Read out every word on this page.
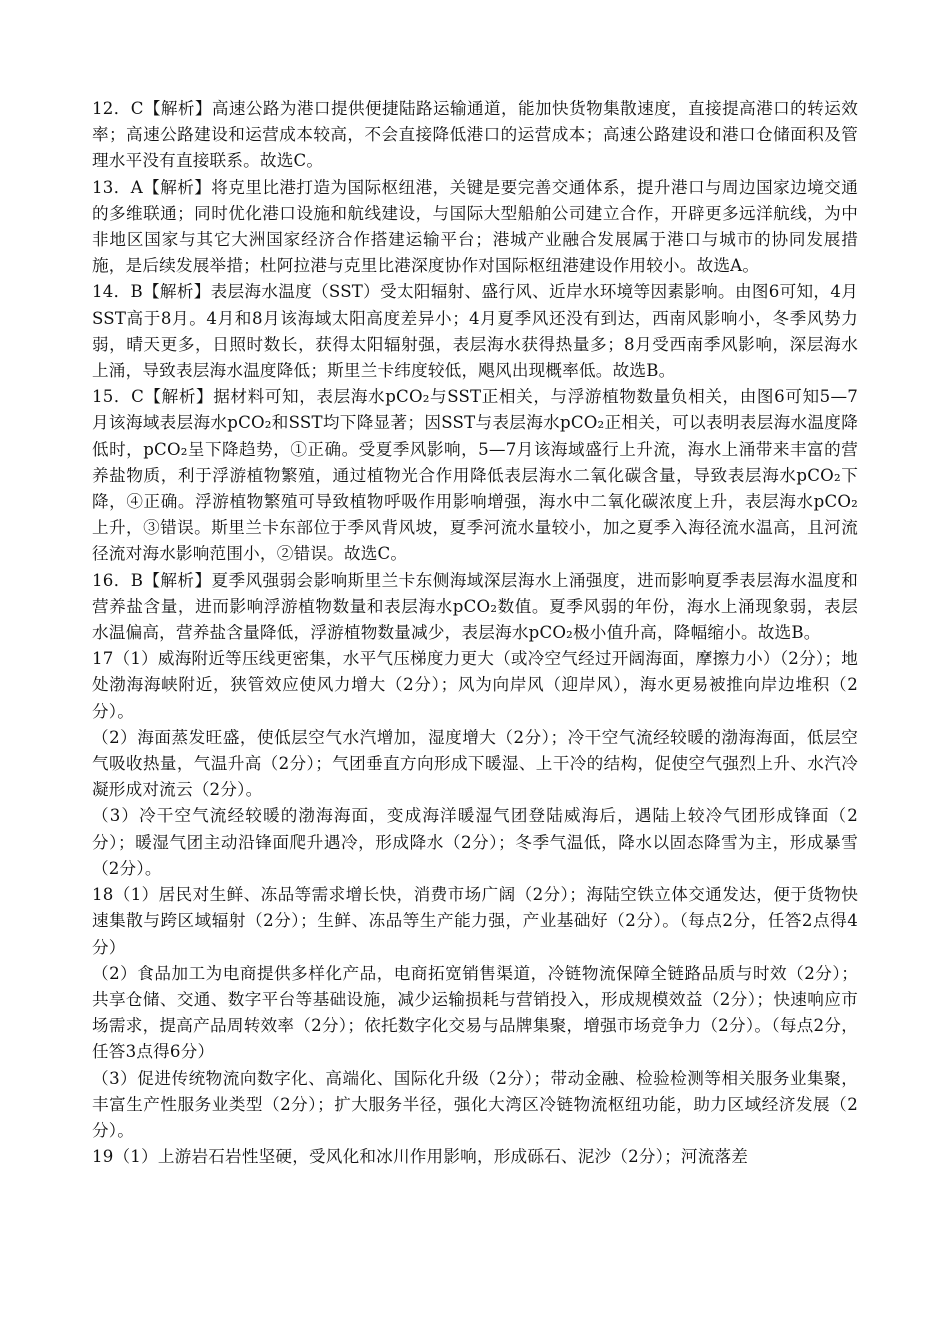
12．C【解析】高速公路为港口提供便捷陆路运输通道，能加快货物集散速度，直接提高港口的转运效率；高速公路建设和运营成本较高，不会直接降低港口的运营成本；高速公路建设和港口仓储面积及管理水平没有直接联系。故选C。

13．A【解析】将克里比港打造为国际枢纽港，关键是要完善交通体系，提升港口与周边国家边境交通的多维联通；同时优化港口设施和航线建设，与国际大型船舶公司建立合作，开辟更多远洋航线，为中非地区国家与其它大洲国家经济合作搭建运输平台；港城产业融合发展属于港口与城市的协同发展措施，是后续发展举措；杜阿拉港与克里比港深度协作对国际枢纽港建设作用较小。故选A。

14．B【解析】表层海水温度（SST）受太阳辐射、盛行风、近岸水环境等因素影响。由图6可知，4月SST高于8月。4月和8月该海域太阳高度差异小；4月夏季风还没有到达，西南风影响小，冬季风势力弱，晴天更多，日照时数长，获得太阳辐射强，表层海水获得热量多；8月受西南季风影响，深层海水上涌，导致表层海水温度降低；斯里兰卡纬度较低，飓风出现概率低。故选B。

15．C【解析】据材料可知，表层海水pCO₂与SST正相关，与浮游植物数量负相关，由图6可知5—7月该海域表层海水pCO₂和SST均下降显著；因SST与表层海水pCO₂正相关，可以表明表层海水温度降低时，pCO₂呈下降趋势，①正确。受夏季风影响，5—7月该海域盛行上升流，海水上涌带来丰富的营养盐物质，利于浮游植物繁殖，通过植物光合作用降低表层海水二氧化碳含量，导致表层海水pCO₂下降，④正确。浮游植物繁殖可导致植物呼吸作用影响增强，海水中二氧化碳浓度上升，表层海水pCO₂上升，③错误。斯里兰卡东部位于季风背风坡，夏季河流水量较小，加之夏季入海径流水温高，且河流径流对海水影响范围小，②错误。故选C。

16．B【解析】夏季风强弱会影响斯里兰卡东侧海域深层海水上涌强度，进而影响夏季表层海水温度和营养盐含量，进而影响浮游植物数量和表层海水pCO₂数值。夏季风弱的年份，海水上涌现象弱，表层水温偏高，营养盐含量降低，浮游植物数量减少，表层海水pCO₂极小值升高，降幅缩小。故选B。

17（1）威海附近等压线更密集，水平气压梯度力更大（或冷空气经过开阔海面，摩擦力小）（2分）；地处渤海海峡附近，狭管效应使风力增大（2分）；风为向岸风（迎岸风），海水更易被推向岸边堆积（2分）。

（2）海面蒸发旺盛，使低层空气水汽增加，湿度增大（2分）；冷干空气流经较暖的渤海海面，低层空气吸收热量，气温升高（2分）；气团垂直方向形成下暖湿、上干冷的结构，促使空气强烈上升、水汽冷凝形成对流云（2分）。

（3）冷干空气流经较暖的渤海海面，变成海洋暖湿气团登陆威海后，遇陆上较冷气团形成锋面（2分）；暖湿气团主动沿锋面爬升遇冷，形成降水（2分）；冬季气温低，降水以固态降雪为主，形成暴雪（2分）。

18（1）居民对生鲜、冻品等需求增长快，消费市场广阔（2分）；海陆空铁立体交通发达，便于货物快速集散与跨区域辐射（2分）；生鲜、冻品等生产能力强，产业基础好（2分）。（每点2分，任答2点得4分）

（2）食品加工为电商提供多样化产品，电商拓宽销售渠道，冷链物流保障全链路品质与时效（2分）；共享仓储、交通、数字平台等基础设施，减少运输损耗与营销投入，形成规模效益（2分）；快速响应市场需求，提高产品周转效率（2分）；依托数字化交易与品牌集聚，增强市场竞争力（2分）。（每点2分，任答3点得6分）

（3）促进传统物流向数字化、高端化、国际化升级（2分）；带动金融、检验检测等相关服务业集聚，丰富生产性服务业类型（2分）；扩大服务半径，强化大湾区冷链物流枢纽功能，助力区域经济发展（2分）。

19（1）上游岩石岩性坚硬，受风化和冰川作用影响，形成砾石、泥沙（2分）；河流落差
